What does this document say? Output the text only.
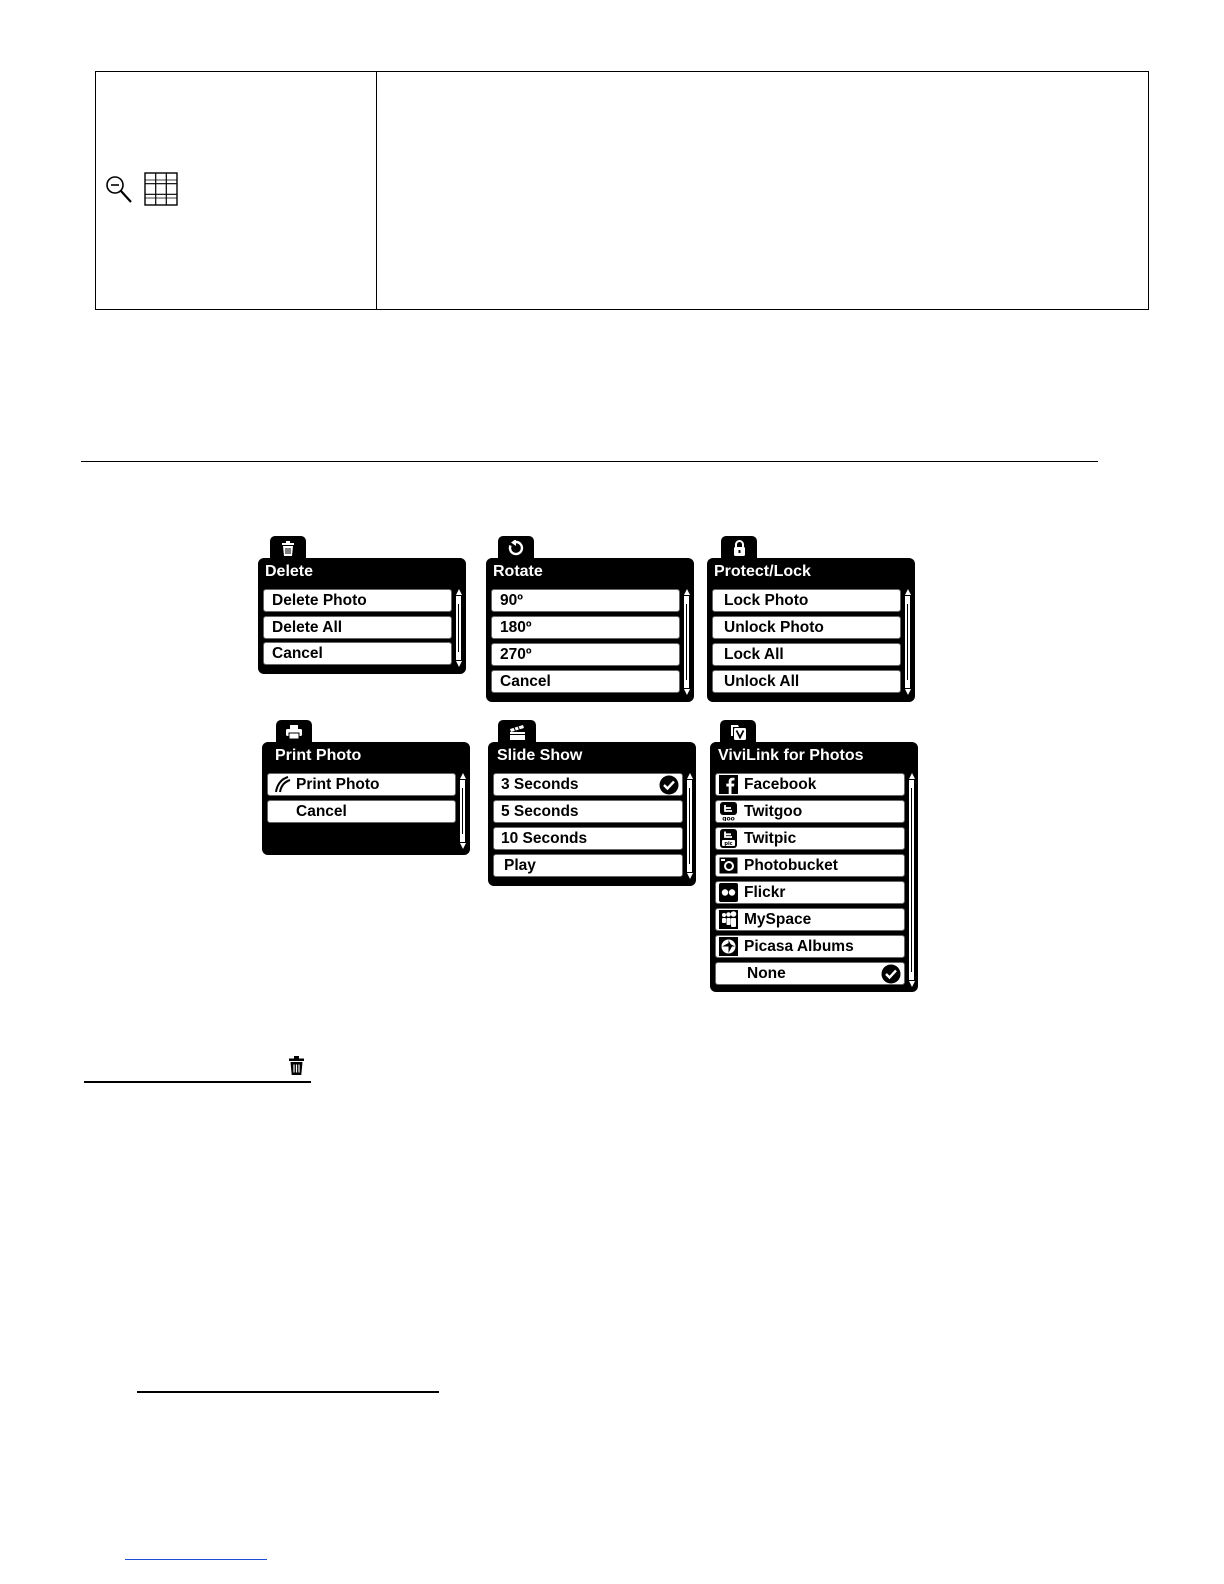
Delete
Delete Photo
Delete All
Cancel
Rotate
90º
180º
270º
Cancel
Protect/Lock
Lock Photo
Unlock Photo
Lock All
Unlock All
Print Photo
Print Photo
Cancel
Slide Show
3 Seconds
5 Seconds
10 Seconds
Play
ViviLink for Photos
Facebook
goo Twitgoo
pic Twitpic
Photobucket
Flickr
MySpace
Picasa Albums
None
